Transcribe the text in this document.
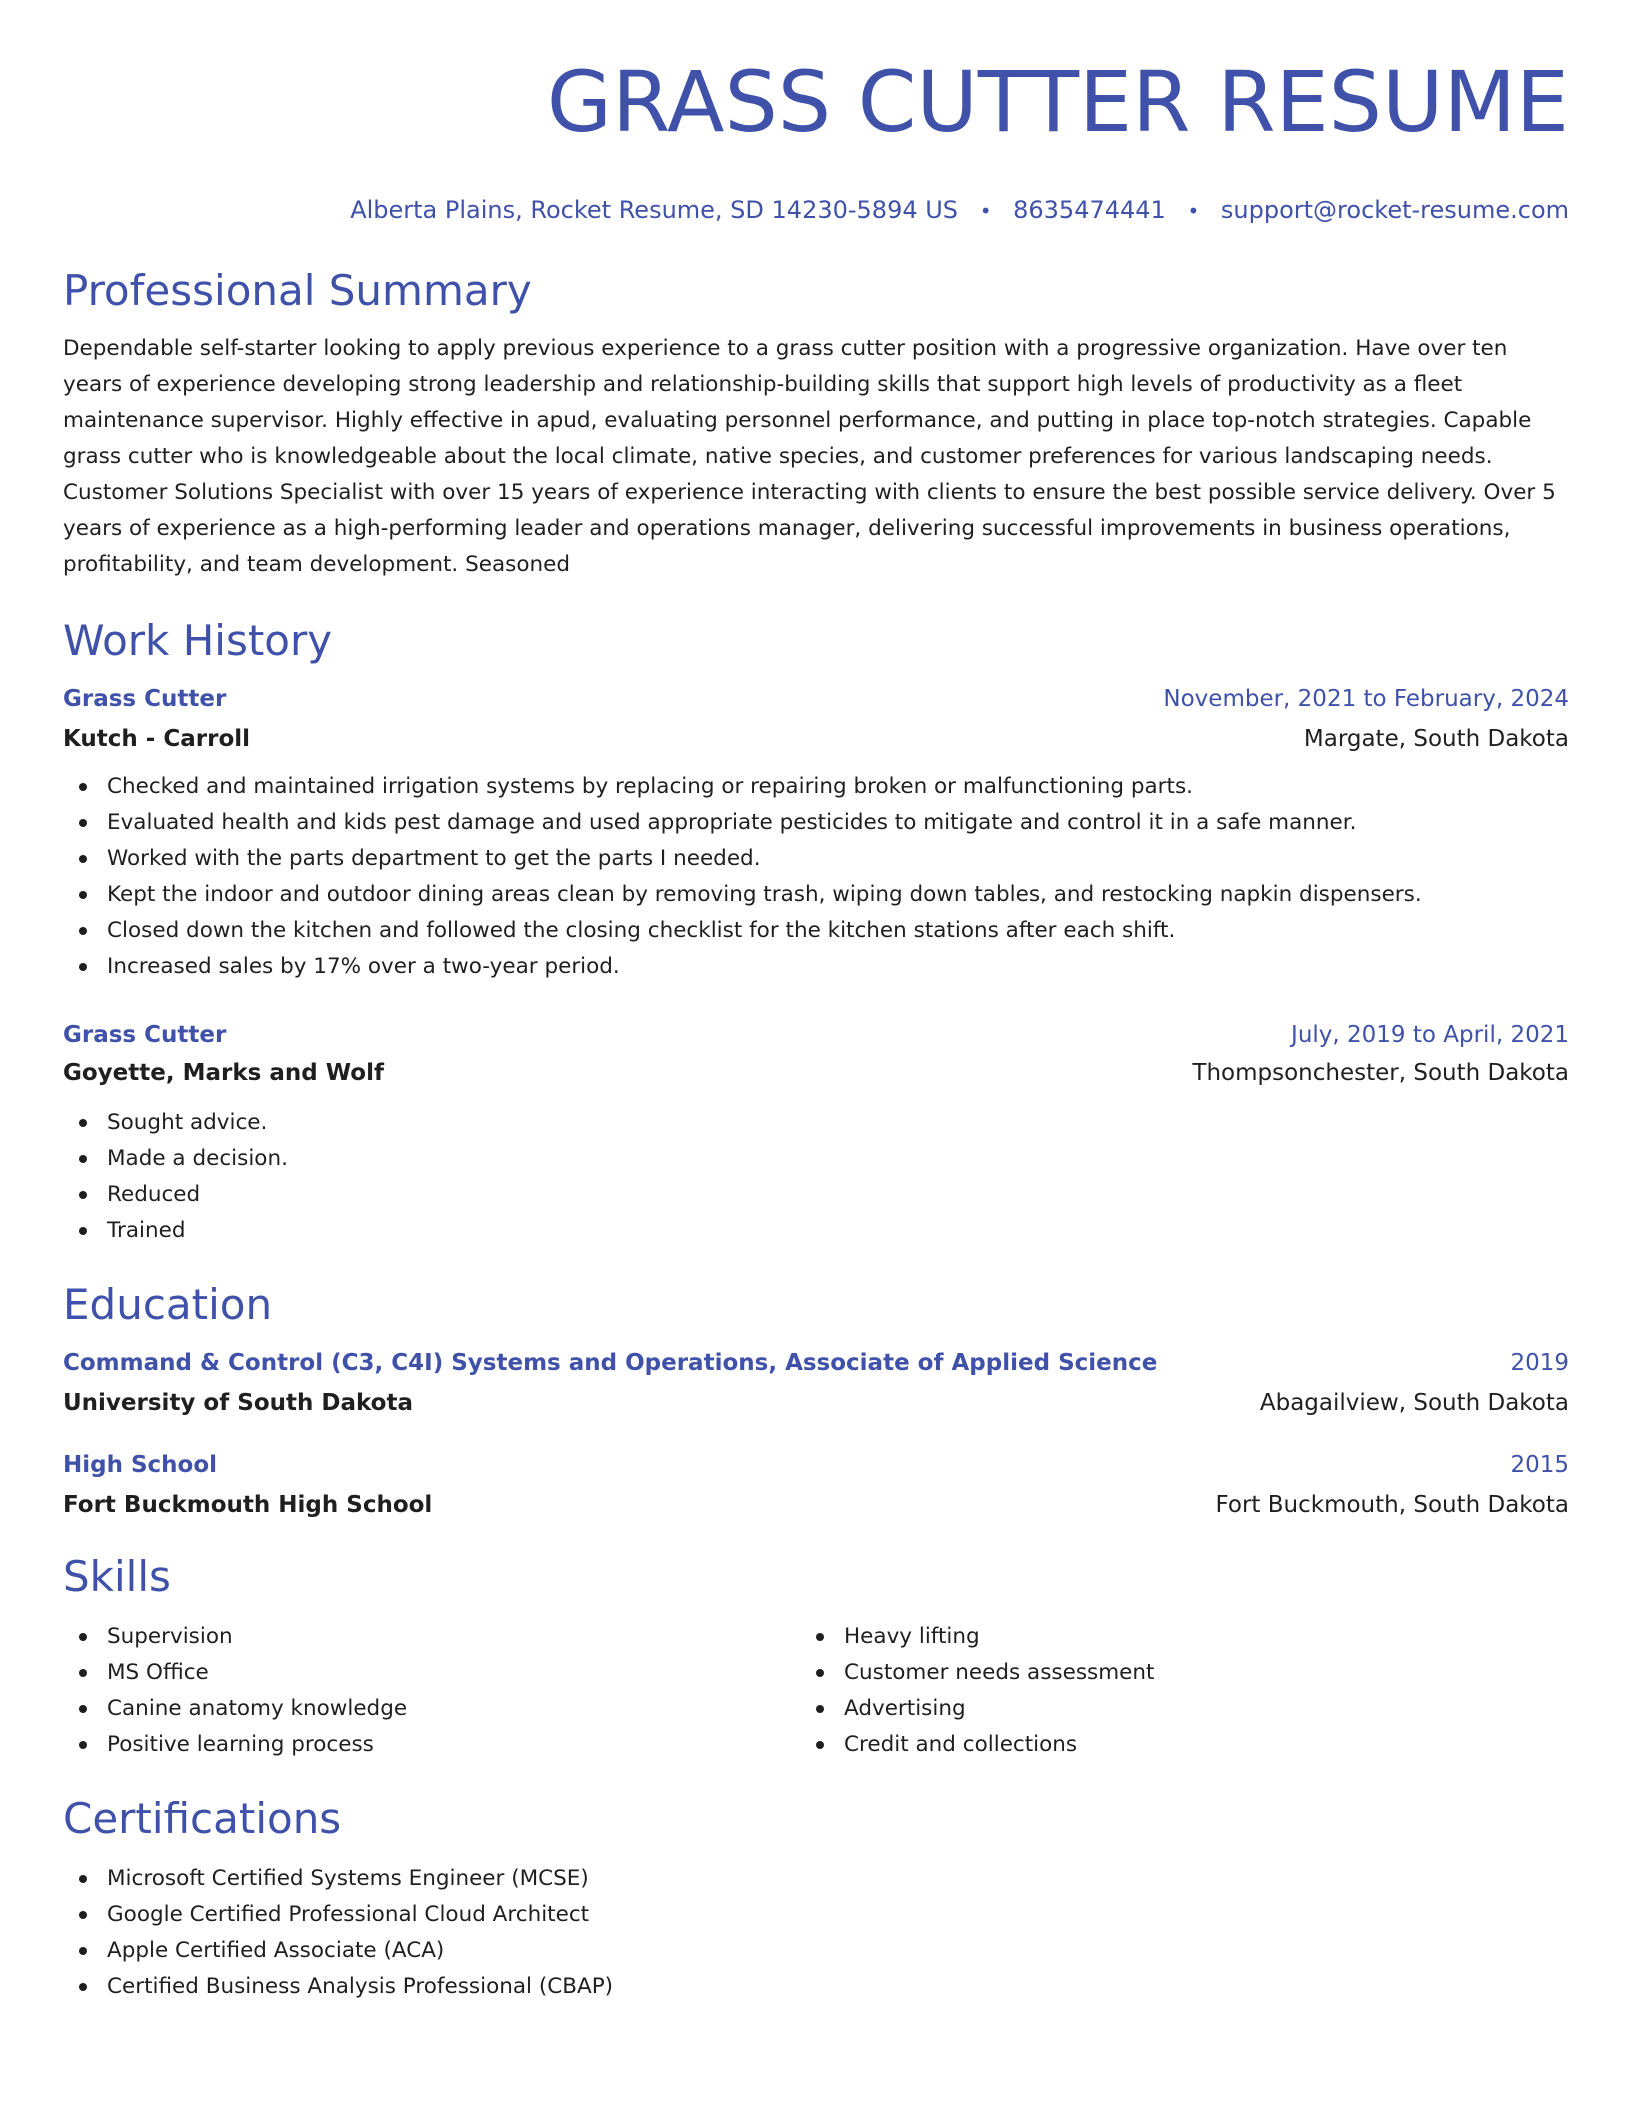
GRASS CUTTER RESUME
Alberta Plains, Rocket Resume, SD 14230-5894 US • 8635474441 • support@rocket-resume.com
Professional Summary

Dependable self-starter looking to apply previous experience to a grass cutter position with a progressive organization. Have over ten years of experience developing strong leadership and relationship-building skills that support high levels of productivity as a fleet maintenance supervisor. Highly effective in apud, evaluating personnel performance, and putting in place top-notch strategies. Capable grass cutter who is knowledgeable about the local climate, native species, and customer preferences for various landscaping needs. Customer Solutions Specialist with over 15 years of experience interacting with clients to ensure the best possible service delivery. Over 5 years of experience as a high-performing leader and operations manager, delivering successful improvements in business operations, profitability, and team development. Seasoned

Work History
Grass Cutter	November, 2021 to February, 2024
Kutch - Carroll	Margate, South Dakota
Checked and maintained irrigation systems by replacing or repairing broken or malfunctioning parts.
Evaluated health and kids pest damage and used appropriate pesticides to mitigate and control it in a safe manner.
Worked with the parts department to get the parts I needed.
Kept the indoor and outdoor dining areas clean by removing trash, wiping down tables, and restocking napkin dispensers.
Closed down the kitchen and followed the closing checklist for the kitchen stations after each shift.
Increased sales by 17% over a two-year period.
Grass Cutter	July, 2019 to April, 2021
Goyette, Marks and Wolf	Thompsonchester, South Dakota
Sought advice.
Made a decision.
Reduced
Trained
Education
Command & Control (C3, C4I) Systems and Operations, Associate of Applied Science	2019
University of South Dakota	Abagailview, South Dakota
High School	2015
Fort Buckmouth High School	Fort Buckmouth, South Dakota
Skills
Supervision
MS Office
Canine anatomy knowledge
Positive learning process
Heavy lifting
Customer needs assessment
Advertising
Credit and collections
Certifications
Microsoft Certified Systems Engineer (MCSE)
Google Certified Professional Cloud Architect
Apple Certified Associate (ACA)
Certified Business Analysis Professional (CBAP)
